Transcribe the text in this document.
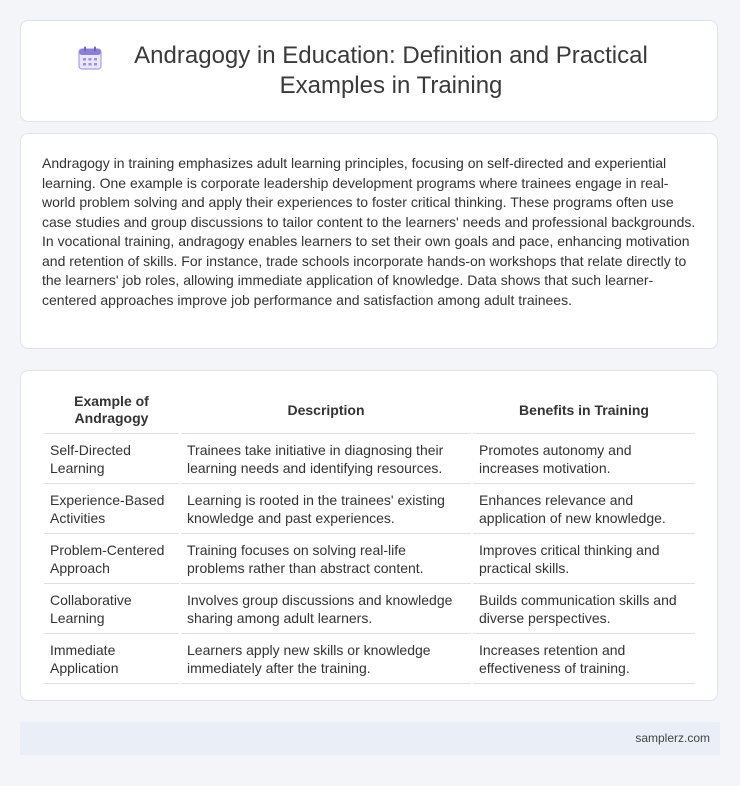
Andragogy in Education: Definition and Practical Examples in Training

Andragogy in training emphasizes adult learning principles, focusing on self-directed and experiential learning. One example is corporate leadership development programs where trainees engage in real-world problem solving and apply their experiences to foster critical thinking. These programs often use case studies and group discussions to tailor content to the learners' needs and professional backgrounds. In vocational training, andragogy enables learners to set their own goals and pace, enhancing motivation and retention of skills. For instance, trade schools incorporate hands-on workshops that relate directly to the learners' job roles, allowing immediate application of knowledge. Data shows that such learner-centered approaches improve job performance and satisfaction among adult trainees.

Example of Andragogy	Description	Benefits in Training
Self-Directed Learning	Trainees take initiative in diagnosing their learning needs and identifying resources.	Promotes autonomy and increases motivation.
Experience-Based Activities	Learning is rooted in the trainees' existing knowledge and past experiences.	Enhances relevance and application of new knowledge.
Problem-Centered Approach	Training focuses on solving real-life problems rather than abstract content.	Improves critical thinking and practical skills.
Collaborative Learning	Involves group discussions and knowledge sharing among adult learners.	Builds communication skills and diverse perspectives.
Immediate Application	Learners apply new skills or knowledge immediately after the training.	Increases retention and effectiveness of training.
samplerz.com
